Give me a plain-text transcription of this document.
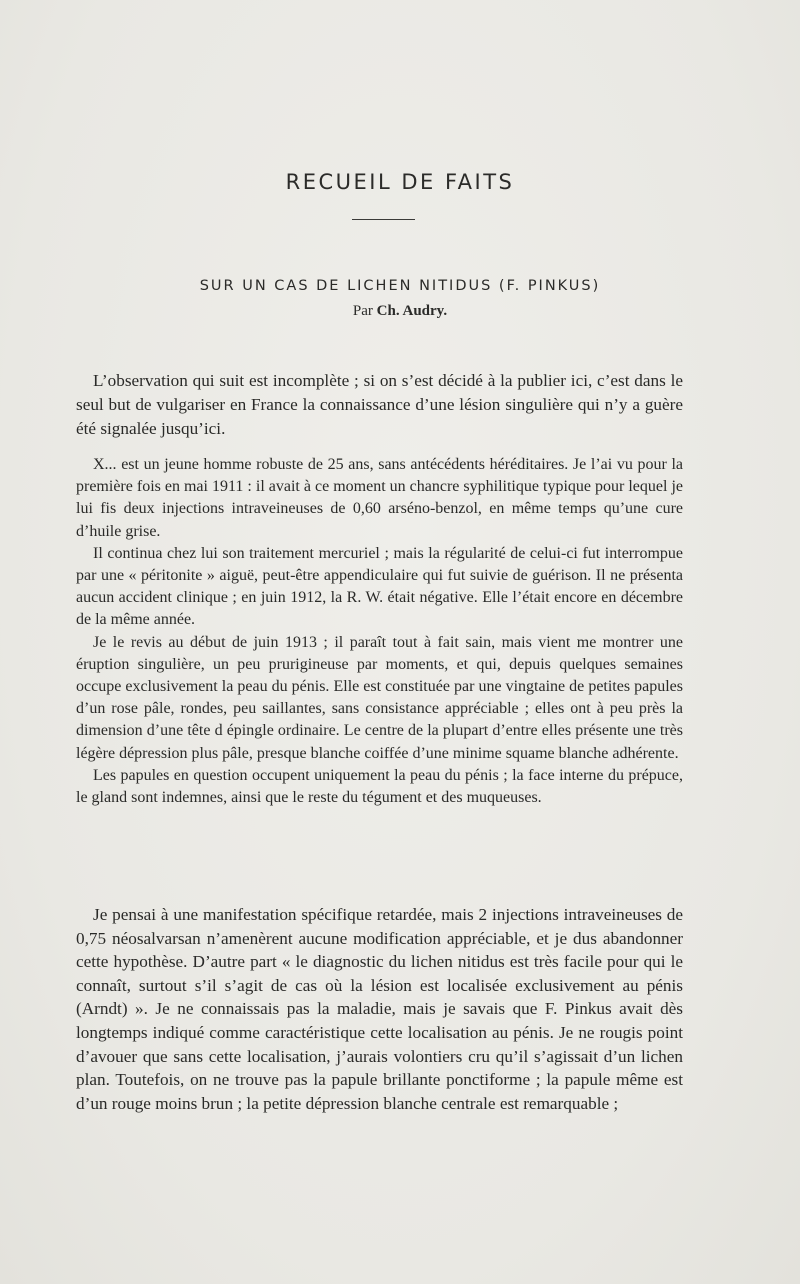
RECUEIL DE FAITS
SUR UN CAS DE LICHEN NITIDUS (F. PINKUS)
Par Ch. Audry.

L’observation qui suit est incomplète ; si on s’est décidé à la publier ici, c’est dans le seul but de vulgariser en France la connaissance d’une lésion singulière qui n’y a guère été signalée jusqu’ici.

X... est un jeune homme robuste de 25 ans, sans antécédents héréditaires. Je l’ai vu pour la première fois en mai 1911 : il avait à ce moment un chancre syphilitique typique pour lequel je lui fis deux injections intraveineuses de 0,60 arséno-benzol, en même temps qu’une cure d’huile grise.

Il continua chez lui son traitement mercuriel ; mais la régularité de celui-ci fut interrompue par une « péritonite » aiguë, peut-être appendiculaire qui fut suivie de guérison. Il ne présenta aucun accident clinique ; en juin 1912, la R. W. était négative. Elle l’était encore en décembre de la même année.

Je le revis au début de juin 1913 ; il paraît tout à fait sain, mais vient me montrer une éruption singulière, un peu prurigineuse par moments, et qui, depuis quelques semaines occupe exclusivement la peau du pénis. Elle est constituée par une vingtaine de petites papules d’un rose pâle, rondes, peu saillantes, sans consistance appréciable ; elles ont à peu près la dimension d’une tête d épingle ordinaire. Le centre de la plupart d’entre elles présente une très légère dépression plus pâle, presque blanche coiffée d’une minime squame blanche adhérente.

Les papules en question occupent uniquement la peau du pénis ; la face interne du prépuce, le gland sont indemnes, ainsi que le reste du tégument et des muqueuses.

Je pensai à une manifestation spécifique retardée, mais 2 injections intraveineuses de 0,75 néosalvarsan n’amenèrent aucune modification appréciable, et je dus abandonner cette hypothèse. D’autre part « le diagnostic du lichen nitidus est très facile pour qui le connaît, surtout s’il s’agit de cas où la lésion est localisée exclusivement au pénis (Arndt) ». Je ne connaissais pas la maladie, mais je savais que F. Pinkus avait dès longtemps indiqué comme caractéristique cette localisation au pénis. Je ne rougis point d’avouer que sans cette localisation, j’aurais volontiers cru qu’il s’agissait d’un lichen plan. Toutefois, on ne trouve pas la papule brillante ponctiforme ; la papule même est d’un rouge moins brun ; la petite dépression blanche centrale est remarquable ;
